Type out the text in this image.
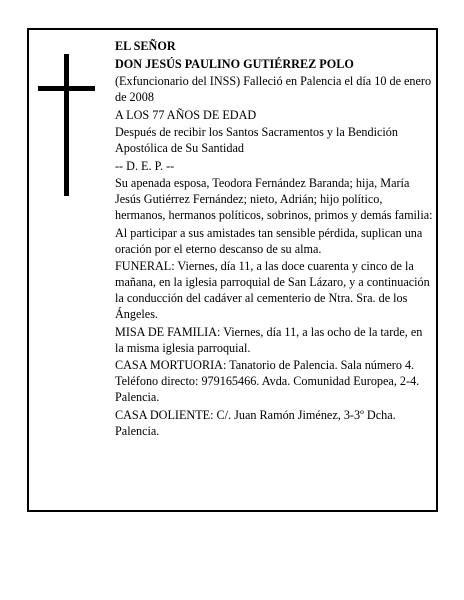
EL SEÑOR

DON JESÚS PAULINO GUTIÉRREZ POLO

(Exfuncionario del INSS) Falleció en Palencia el día 10 de enero de 2008

A LOS 77 AÑOS DE EDAD

Después de recibir los Santos Sacramentos y la Bendición Apostólica de Su Santidad

-- D. E. P. --

Su apenada esposa, Teodora Fernández Baranda; hija, María Jesús Gutiérrez Fernández; nieto, Adrián; hijo político, hermanos, hermanos políticos, sobrinos, primos y demás familia:

Al participar a sus amistades tan sensible pérdida, suplican una oración por el eterno descanso de su alma.

FUNERAL: Viernes, día 11, a las doce cuarenta y cinco de la mañana, en la iglesia parroquial de San Lázaro, y a continuación la conducción del cadáver al cementerio de Ntra. Sra. de los Ángeles.

MISA DE FAMILIA: Viernes, día 11, a las ocho de la tarde, en la misma iglesia parroquial.

CASA MORTUORIA: Tanatorio de Palencia. Sala número 4. Teléfono directo: 979165466. Avda. Comunidad Europea, 2-4. Palencia.

CASA DOLIENTE: C/. Juan Ramón Jiménez, 3-3º Dcha. Palencia.
